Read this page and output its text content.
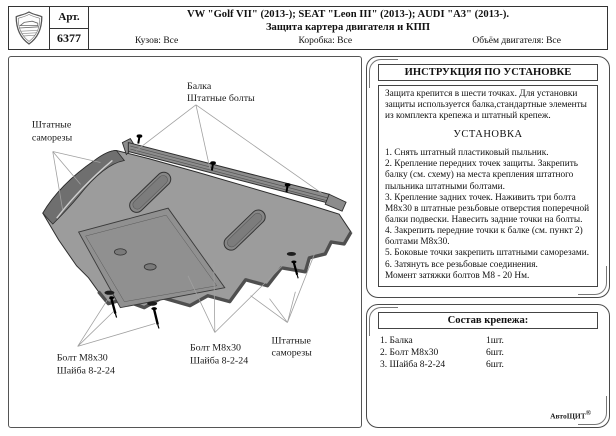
Арт.
6377
VW "Golf VII" (2013-); SEAT "Leon III" (2013-); AUDI "A3" (2013-).
Защита картера двигателя и КПП
Кузов: Все	Коробка: Все	Объём двигателя: Все
Балка
Штатные болты
Штатные
саморезы
Болт М8х30
Шайба 8-2-24
Болт М8х30
Шайба 8-2-24
Штатные
саморезы
ИНСТРУКЦИЯ ПО УСТАНОВКЕ
Защита крепится в шести точках. Для установки защиты используется балка,стандартные элементы из комплекта крепежа и штатный крепеж.
УСТАНОВКА

1. Снять штатный пластиковый пыльник.

2. Крепление передних точек защиты. Закрепить балку (см. схему) на места крепления штатного пыльника штатными болтами.

3. Крепление задних точек. Наживить три болта М8х30 в штатные резьбовые отверстия поперечной балки подвески. Навесить задние точки на болты.

4. Закрепить передние точки к балке (см. пункт 2) болтами М8х30.

5. Боковые точки закрепить штатными саморезами.

6. Затянуть все резьбовые соединения.

Момент затяжки болтов М8 - 20 Нм.

Состав крепежа:
1. Балка	1шт.
2. Болт М8х30	6шт.
3. Шайба 8-2-24	6шт.
АвтоЩИТ®
